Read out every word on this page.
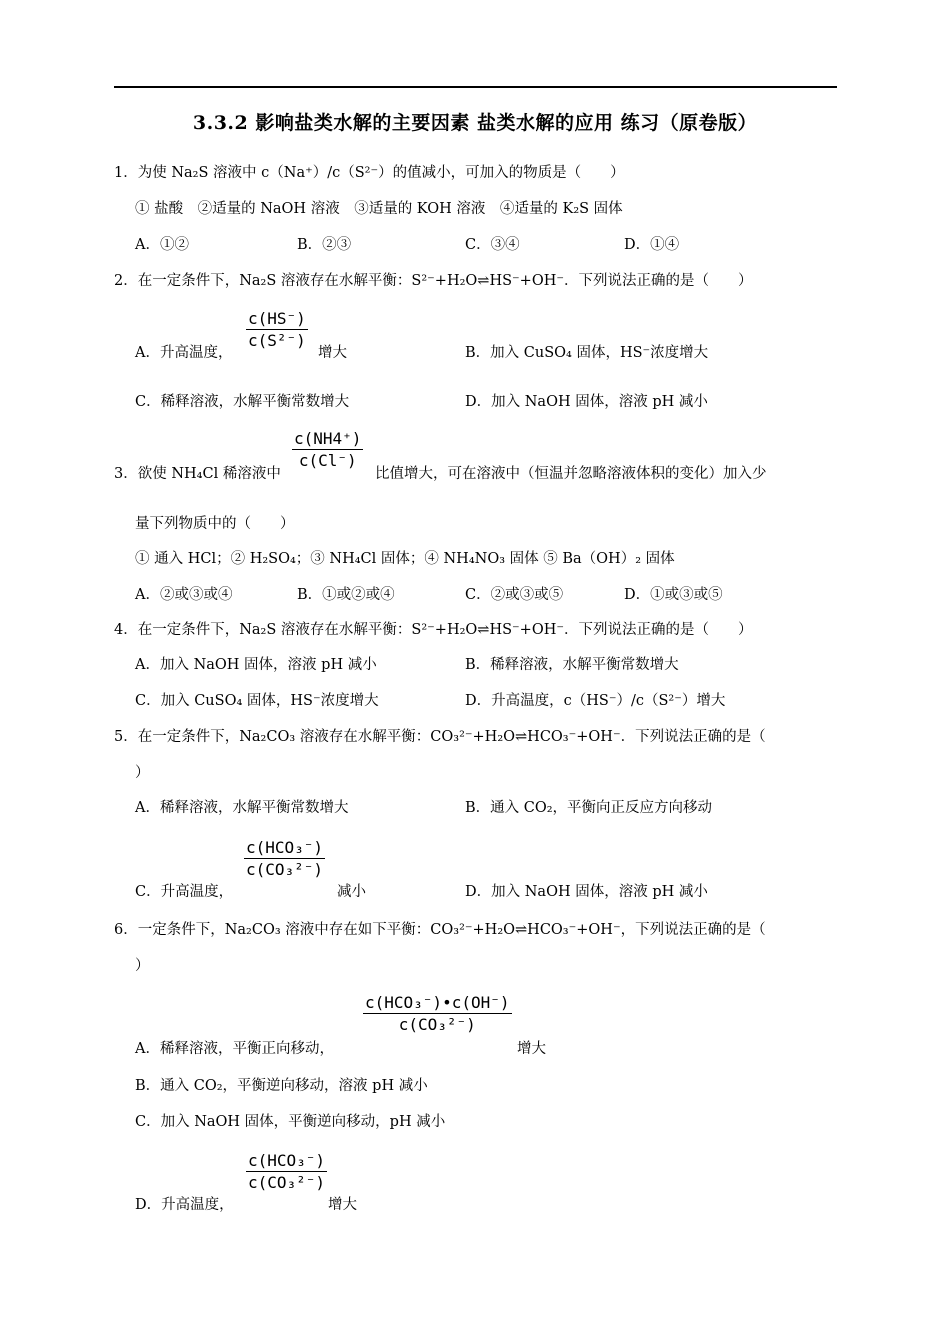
3.3.2 影响盐类水解的主要因素 盐类水解的应用 练习（原卷版）
1．为使 Na₂S 溶液中 c（Na⁺）/c（S²⁻）的值减小，可加入的物质是（　　）
① 盐酸　②适量的 NaOH 溶液　③适量的 KOH 溶液　④适量的 K₂S 固体
A．①②	B．②③	C．③④	D．①④
2．在一定条件下，Na₂S 溶液存在水解平衡：S²⁻+H₂O⇌HS⁻+OH⁻．下列说法正确的是（　　）
A．升高温度，
c(HS⁻)
c(S²⁻)
增大	B．加入 CuSO₄ 固体，HS⁻浓度增大
C．稀释溶液，水解平衡常数增大	D．加入 NaOH 固体，溶液 pH 减小
3．欲使 NH₄Cl 稀溶液中
c(NH4⁺)
c(Cl⁻)
比值增大，可在溶液中（恒温并忽略溶液体积的变化）加入少
量下列物质中的（　　）
① 通入 HCl；② H₂SO₄；③ NH₄Cl 固体；④ NH₄NO₃ 固体 ⑤ Ba（OH）₂ 固体
A．②或③或④	B．①或②或④	C．②或③或⑤	D．①或③或⑤
4．在一定条件下，Na₂S 溶液存在水解平衡：S²⁻+H₂O⇌HS⁻+OH⁻．下列说法正确的是（　　）
A．加入 NaOH 固体，溶液 pH 减小	B．稀释溶液，水解平衡常数增大
C．加入 CuSO₄ 固体，HS⁻浓度增大	D．升高温度，c（HS⁻）/c（S²⁻）增大
5．在一定条件下，Na₂CO₃ 溶液存在水解平衡：CO₃²⁻+H₂O⇌HCO₃⁻+OH⁻．下列说法正确的是（
）
A．稀释溶液，水解平衡常数增大	B．通入 CO₂，平衡向正反应方向移动
C．升高温度，
c(HCO₃⁻)
c(CO₃²⁻)
减小	D．加入 NaOH 固体，溶液 pH 减小
6．一定条件下，Na₂CO₃ 溶液中存在如下平衡：CO₃²⁻+H₂O⇌HCO₃⁻+OH⁻，下列说法正确的是（
）
A．稀释溶液，平衡正向移动，
c(HCO₃⁻)•c(OH⁻)
c(CO₃²⁻)
增大
B．通入 CO₂，平衡逆向移动，溶液 pH 减小
C．加入 NaOH 固体，平衡逆向移动，pH 减小
D．升高温度，
c(HCO₃⁻)
c(CO₃²⁻)
增大
